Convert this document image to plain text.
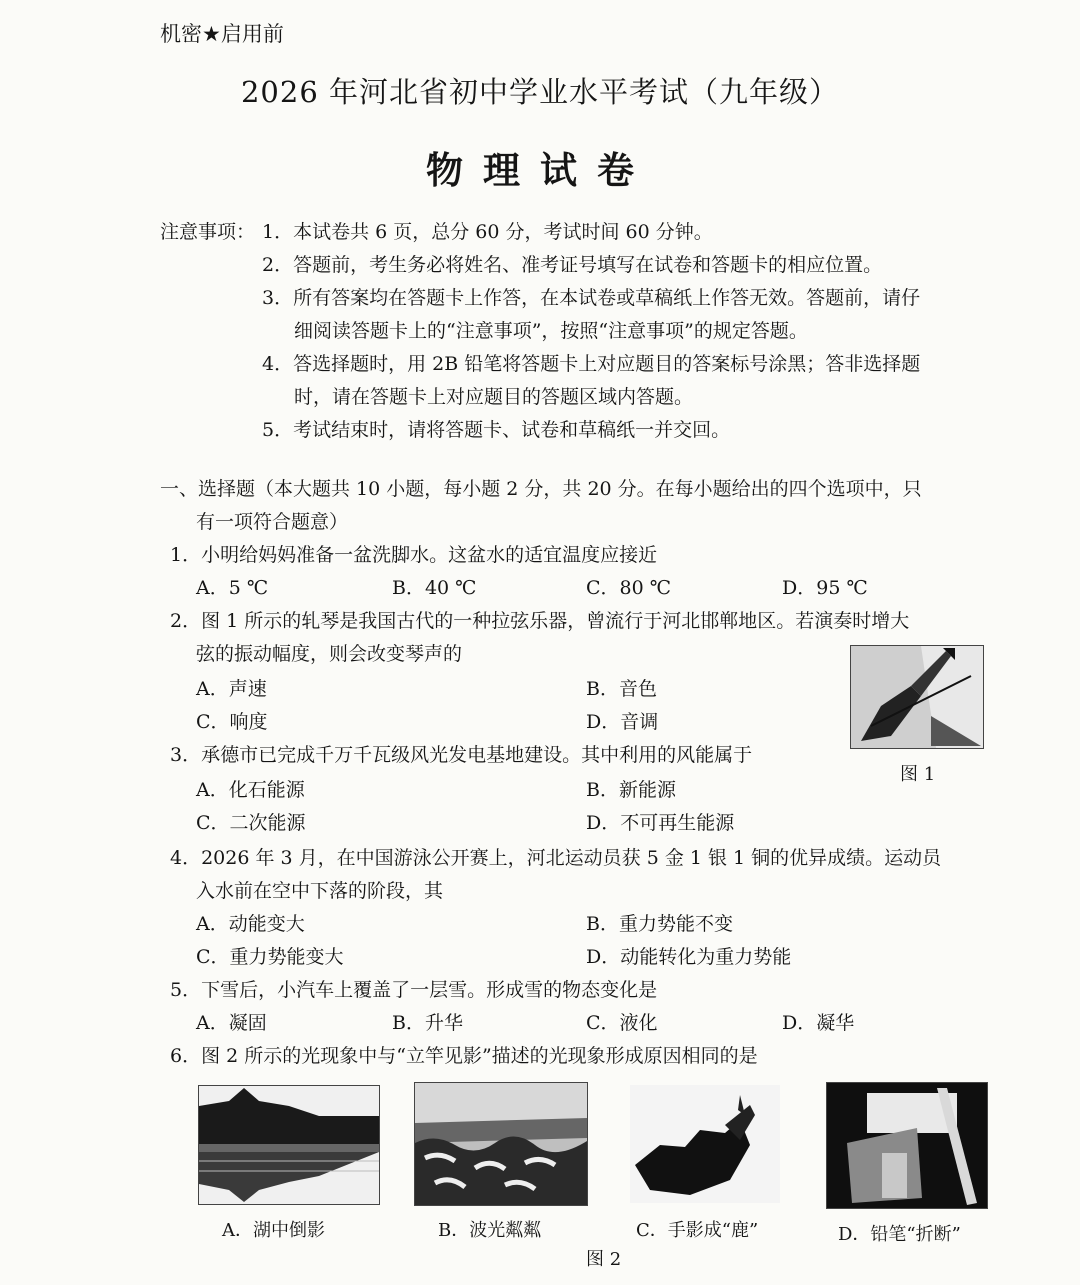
机密★启用前
2026 年河北省初中学业水平考试（九年级）
物理试卷
注意事项： 1．本试卷共 6 页，总分 60 分，考试时间 60 分钟。
2．答题前，考生务必将姓名、准考证号填写在试卷和答题卡的相应位置。
3．所有答案均在答题卡上作答，在本试卷或草稿纸上作答无效。答题前，请仔
细阅读答题卡上的“注意事项”，按照“注意事项”的规定答题。
4．答选择题时，用 2B 铅笔将答题卡上对应题目的答案标号涂黑；答非选择题
时，请在答题卡上对应题目的答题区域内答题。
5．考试结束时，请将答题卡、试卷和草稿纸一并交回。
一、选择题（本大题共 10 小题，每小题 2 分，共 20 分。在每小题给出的四个选项中，只
有一项符合题意）
1．小明给妈妈准备一盆洗脚水。这盆水的适宜温度应接近
A．5 ℃	B．40 ℃	C．80 ℃	D．95 ℃
2．图 1 所示的轧琴是我国古代的一种拉弦乐器，曾流行于河北邯郸地区。若演奏时增大
弦的振动幅度，则会改变琴声的
A．声速	B．音色
C．响度	D．音调
图 1
3．承德市已完成千万千瓦级风光发电基地建设。其中利用的风能属于
A．化石能源	B．新能源
C．二次能源	D．不可再生能源
4．2026 年 3 月，在中国游泳公开赛上，河北运动员获 5 金 1 银 1 铜的优异成绩。运动员
入水前在空中下落的阶段，其
A．动能变大	B．重力势能不变
C．重力势能变大	D．动能转化为重力势能
5．下雪后，小汽车上覆盖了一层雪。形成雪的物态变化是
A．凝固	B．升华	C．液化	D．凝华
6．图 2 所示的光现象中与“立竿见影”描述的光现象形成原因相同的是
A．湖中倒影	B．波光粼粼	C．手影成“鹿”	D．铅笔“折断”
图 2
